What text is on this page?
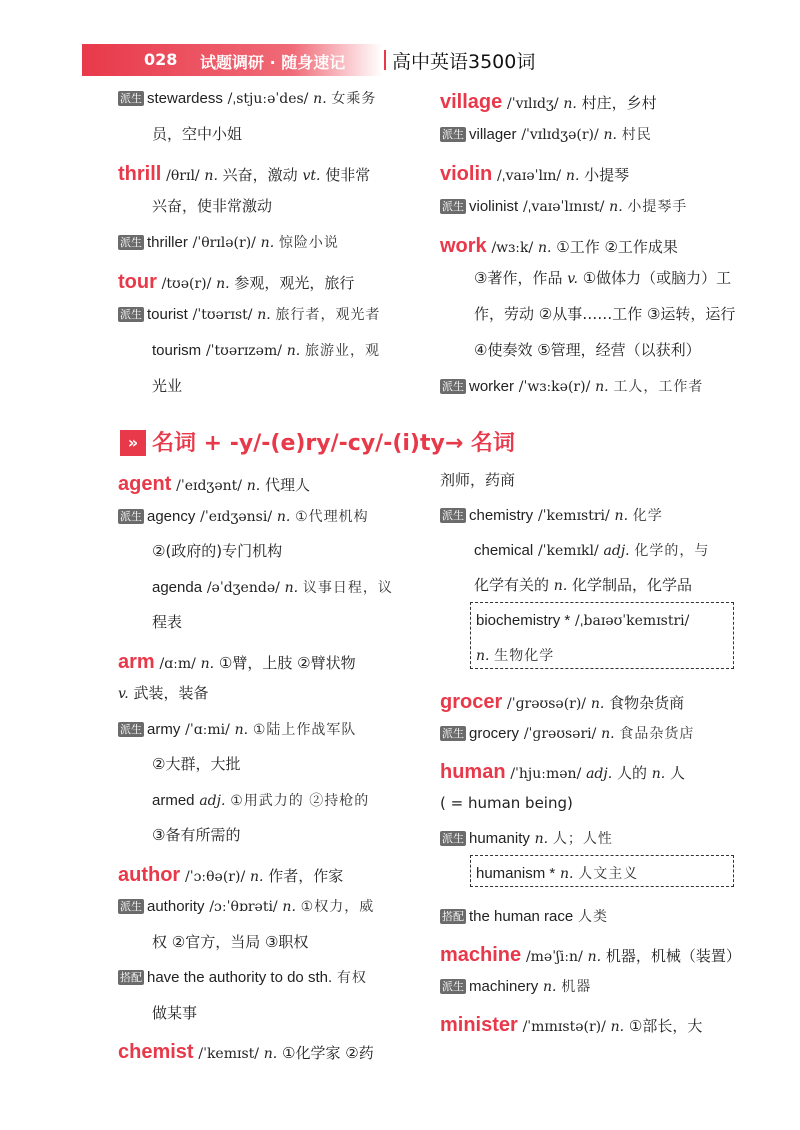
028 试题调研 · 随身速记 高中英语3500词
派生 stewardess /ˌstjuːəˈdes/ n. 女乘务
员，空中小姐
thrill /θrɪl/ n. 兴奋，激动 vt. 使非常
兴奋，使非常激动
派生 thriller /ˈθrɪlə(r)/ n. 惊险小说
tour /tʊə(r)/ n. 参观，观光，旅行
派生 tourist /ˈtʊərɪst/ n. 旅行者，观光者
tourism /ˈtʊərɪzəm/ n. 旅游业，观
光业
village /ˈvɪlɪdʒ/ n. 村庄，乡村
派生 villager /ˈvɪlɪdʒə(r)/ n. 村民
violin /ˌvaɪəˈlɪn/ n. 小提琴
派生 violinist /ˌvaɪəˈlɪnɪst/ n. 小提琴手
work /wɜːk/ n. ①工作 ②工作成果
③著作，作品 v. ①做体力（或脑力）工
作，劳动 ②从事……工作 ③运转，运行
④使奏效 ⑤管理，经营（以获利）
派生 worker /ˈwɜːkə(r)/ n. 工人，工作者
» 名词 + -y/-(e)ry/-cy/-(i)ty→ 名词
agent /ˈeɪdʒənt/ n. 代理人
派生 agency /ˈeɪdʒənsi/ n. ①代理机构
②(政府的)专门机构
agenda /əˈdʒendə/ n. 议事日程，议
程表
arm /ɑːm/ n. ①臂，上肢 ②臂状物
v. 武装，装备
派生 army /ˈɑːmi/ n. ①陆上作战军队
②大群，大批
armed adj. ①用武力的 ②持枪的
③备有所需的
author /ˈɔːθə(r)/ n. 作者，作家
派生 authority /ɔːˈθɒrəti/ n. ①权力，威
权 ②官方，当局 ③职权
搭配 have the authority to do sth. 有权
做某事
chemist /ˈkemɪst/ n. ①化学家 ②药
剂师，药商
派生 chemistry /ˈkemɪstri/ n. 化学
chemical /ˈkemɪkl/ adj. 化学的，与
化学有关的 n. 化学制品，化学品
biochemistry * /ˌbaɪəʊˈkemɪstri/
n. 生物化学
grocer /ˈɡrəʊsə(r)/ n. 食物杂货商
派生 grocery /ˈɡrəʊsəri/ n. 食品杂货店
human /ˈhjuːmən/ adj. 人的 n. 人
( = human being)
派生 humanity n. 人；人性
humanism * n. 人文主义
搭配 the human race 人类
machine /məˈʃiːn/ n. 机器，机械（装置）
派生 machinery n. 机器
minister /ˈmɪnɪstə(r)/ n. ①部长，大
